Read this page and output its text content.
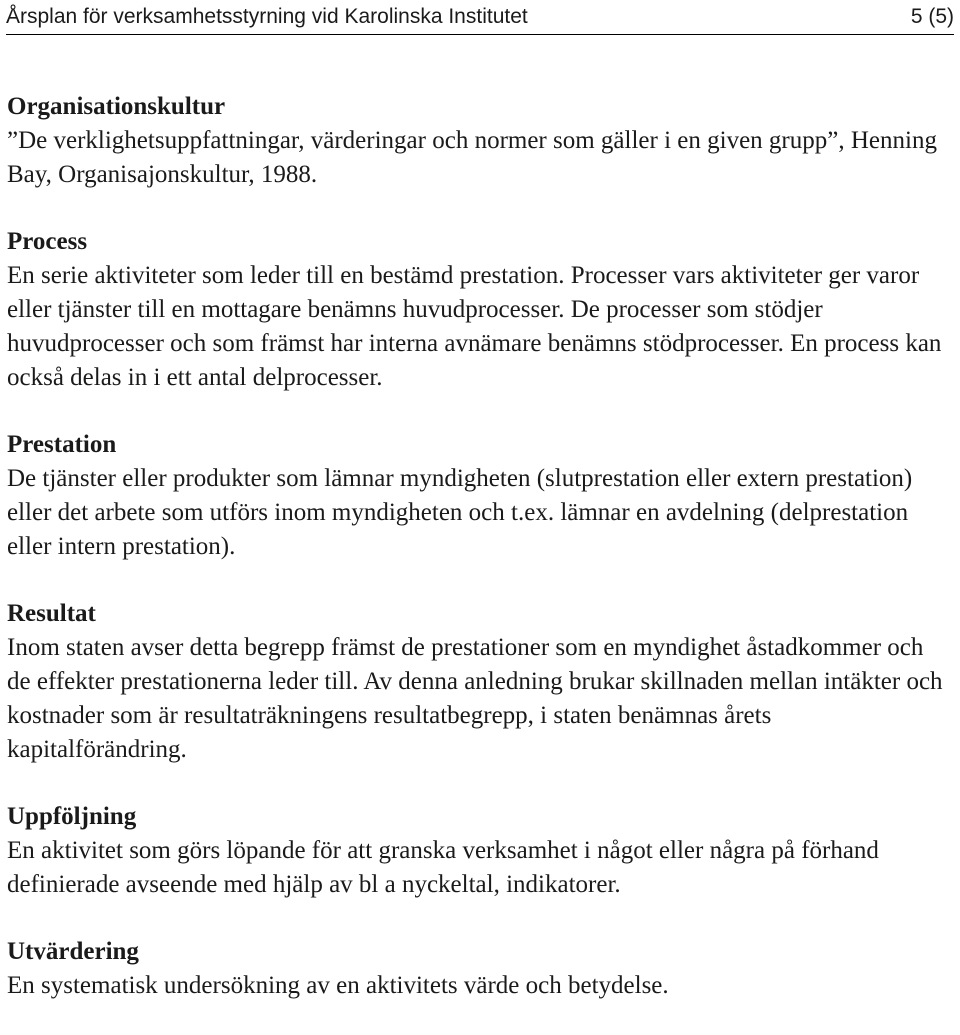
Årsplan för verksamhetsstyrning vid Karolinska Institutet	5 (5)
Organisationskultur
”De verklighetsuppfattningar, värderingar och normer som gäller i en given grupp”, Henning Bay, Organisajonskultur, 1988.
Process
En serie aktiviteter som leder till en bestämd prestation. Processer vars aktiviteter ger varor eller tjänster till en mottagare benämns huvudprocesser. De processer som stödjer huvudprocesser och som främst har interna avnämare benämns stödprocesser. En process kan också delas in i ett antal delprocesser.
Prestation
De tjänster eller produkter som lämnar myndigheten (slutprestation eller extern prestation) eller det arbete som utförs inom myndigheten och t.ex. lämnar en avdelning (delprestation eller intern prestation).
Resultat
Inom staten avser detta begrepp främst de prestationer som en myndighet åstadkommer och de effekter prestationerna leder till. Av denna anledning brukar skillnaden mellan intäkter och kostnader som är resultaträkningens resultatbegrepp, i staten benämnas årets kapitalförändring.
Uppföljning
En aktivitet som görs löpande för att granska verksamhet i något eller några på förhand definierade avseende med hjälp av bl a nyckeltal, indikatorer.
Utvärdering
En systematisk undersökning av en aktivitets värde och betydelse.
